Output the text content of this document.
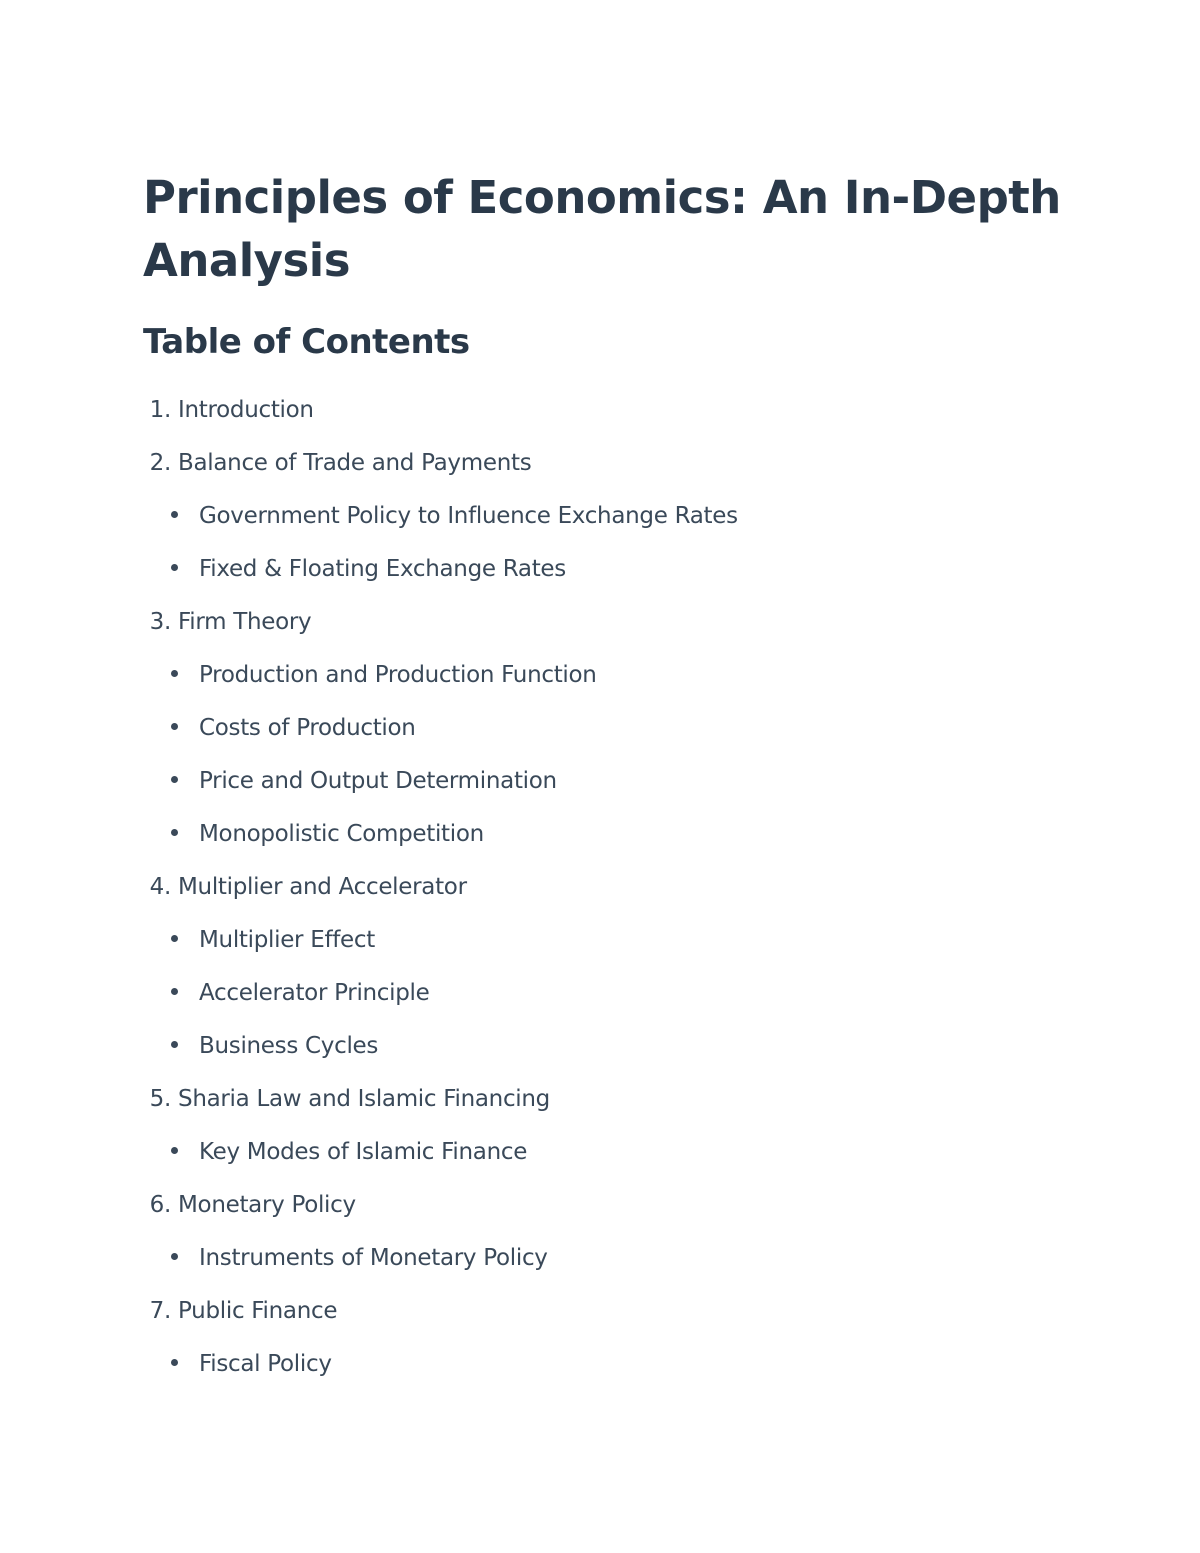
Principles of Economics: An In-Depth Analysis
Table of Contents
1. Introduction
2. Balance of Trade and Payments
Government Policy to Influence Exchange Rates
Fixed & Floating Exchange Rates
3. Firm Theory
Production and Production Function
Costs of Production
Price and Output Determination
Monopolistic Competition
4. Multiplier and Accelerator
Multiplier Effect
Accelerator Principle
Business Cycles
5. Sharia Law and Islamic Financing
Key Modes of Islamic Finance
6. Monetary Policy
Instruments of Monetary Policy
7. Public Finance
Fiscal Policy
